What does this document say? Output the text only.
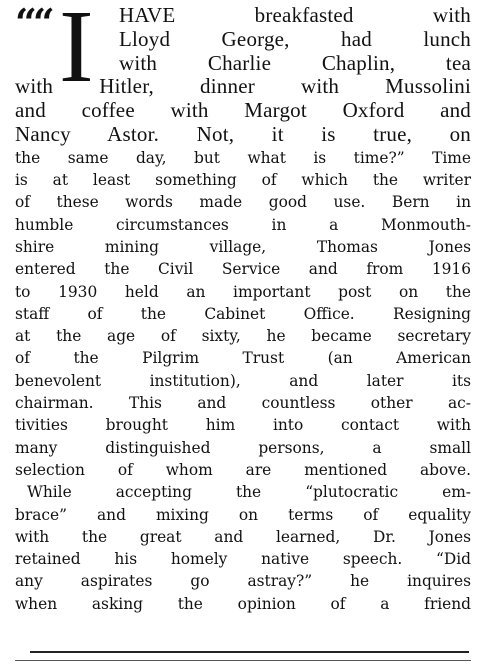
““ I HAVE breakfasted with
Lloyd George, had lunch
with Charlie Chaplin, tea
with Hitler, dinner with Mussolini
and coffee with Margot Oxford and
Nancy Astor. Not, it is true, on
the same day, but what is time?” Time
is at least something of which the writer
of these words made good use. Bern in
humble circumstances in a Monmouth-
shire mining village, Thomas Jones
entered the Civil Service and from 1916
to 1930 held an important post on the
staff of the Cabinet Office. Resigning
at the age of sixty, he became secretary
of the Pilgrim Trust (an American
benevolent institution), and later its
chairman. This and countless other ac-
tivities brought him into contact with
many distinguished persons, a small
selection of whom are mentioned above.
While accepting the “plutocratic em-
brace” and mixing on terms of equality
with the great and learned, Dr. Jones
retained his homely native speech. “Did
any aspirates go astray?” he inquires
when asking the opinion of a friend
